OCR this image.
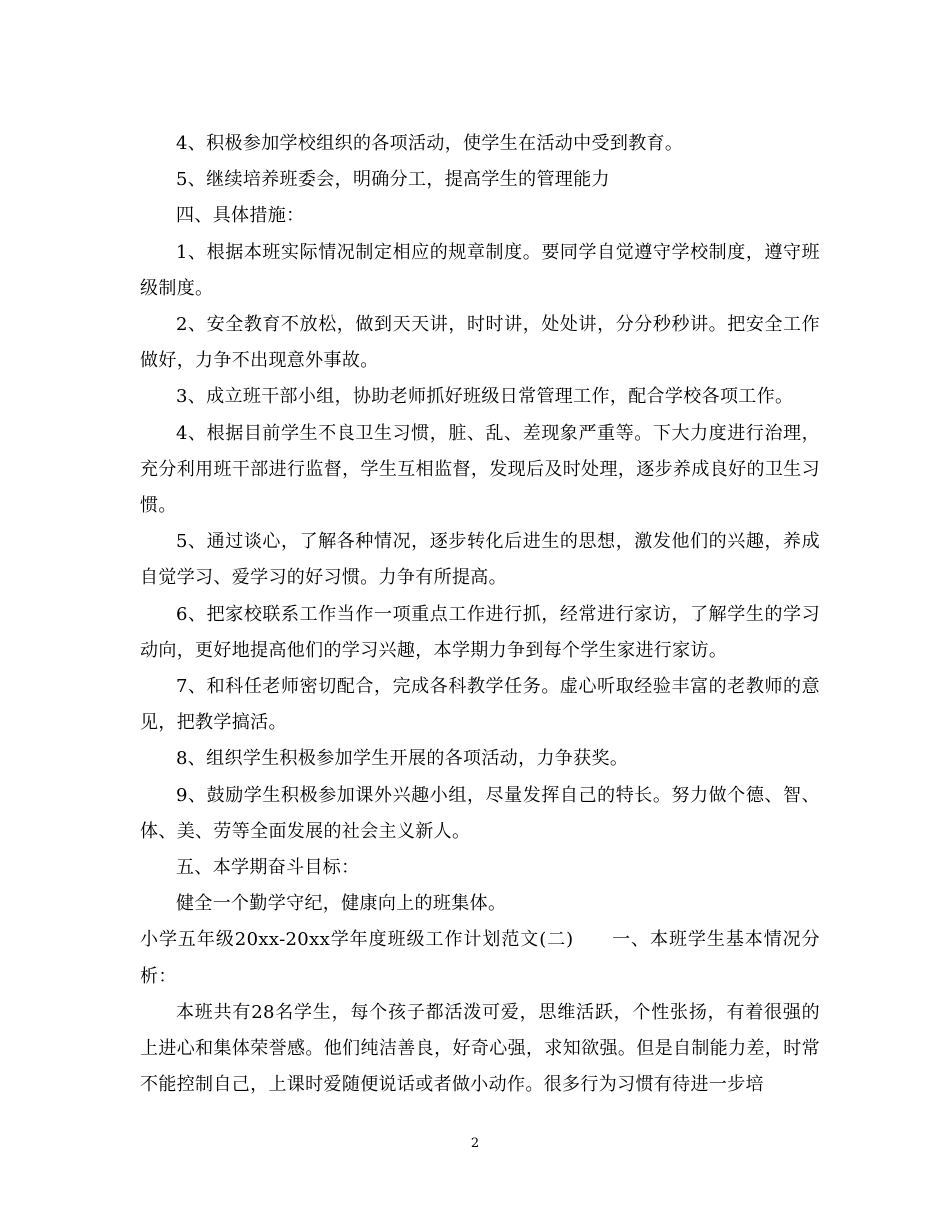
4、积极参加学校组织的各项活动，使学生在活动中受到教育。

5、继续培养班委会，明确分工，提高学生的管理能力

四、具体措施：

1、根据本班实际情况制定相应的规章制度。要同学自觉遵守学校制度，遵守班级制度。

2、安全教育不放松，做到天天讲，时时讲，处处讲，分分秒秒讲。把安全工作做好，力争不出现意外事故。

3、成立班干部小组，协助老师抓好班级日常管理工作，配合学校各项工作。

4、根据目前学生不良卫生习惯，脏、乱、差现象严重等。下大力度进行治理，充分利用班干部进行监督，学生互相监督，发现后及时处理，逐步养成良好的卫生习惯。

5、通过谈心，了解各种情况，逐步转化后进生的思想，激发他们的兴趣，养成自觉学习、爱学习的好习惯。力争有所提高。

6、把家校联系工作当作一项重点工作进行抓，经常进行家访，了解学生的学习动向，更好地提高他们的学习兴趣，本学期力争到每个学生家进行家访。

7、和科任老师密切配合，完成各科教学任务。虚心听取经验丰富的老教师的意见，把教学搞活。

8、组织学生积极参加学生开展的各项活动，力争获奖。

9、鼓励学生积极参加课外兴趣小组，尽量发挥自己的特长。努力做个德、智、体、美、劳等全面发展的社会主义新人。

五、本学期奋斗目标：

健全一个勤学守纪，健康向上的班集体。

小学五年级20xx-20xx学年度班级工作计划范文(二)　　一、本班学生基本情况分析：

本班共有28名学生，每个孩子都活泼可爱，思维活跃，个性张扬，有着很强的上进心和集体荣誉感。他们纯洁善良，好奇心强，求知欲强。但是自制能力差，时常不能控制自己，上课时爱随便说话或者做小动作。很多行为习惯有待进一步培

2
